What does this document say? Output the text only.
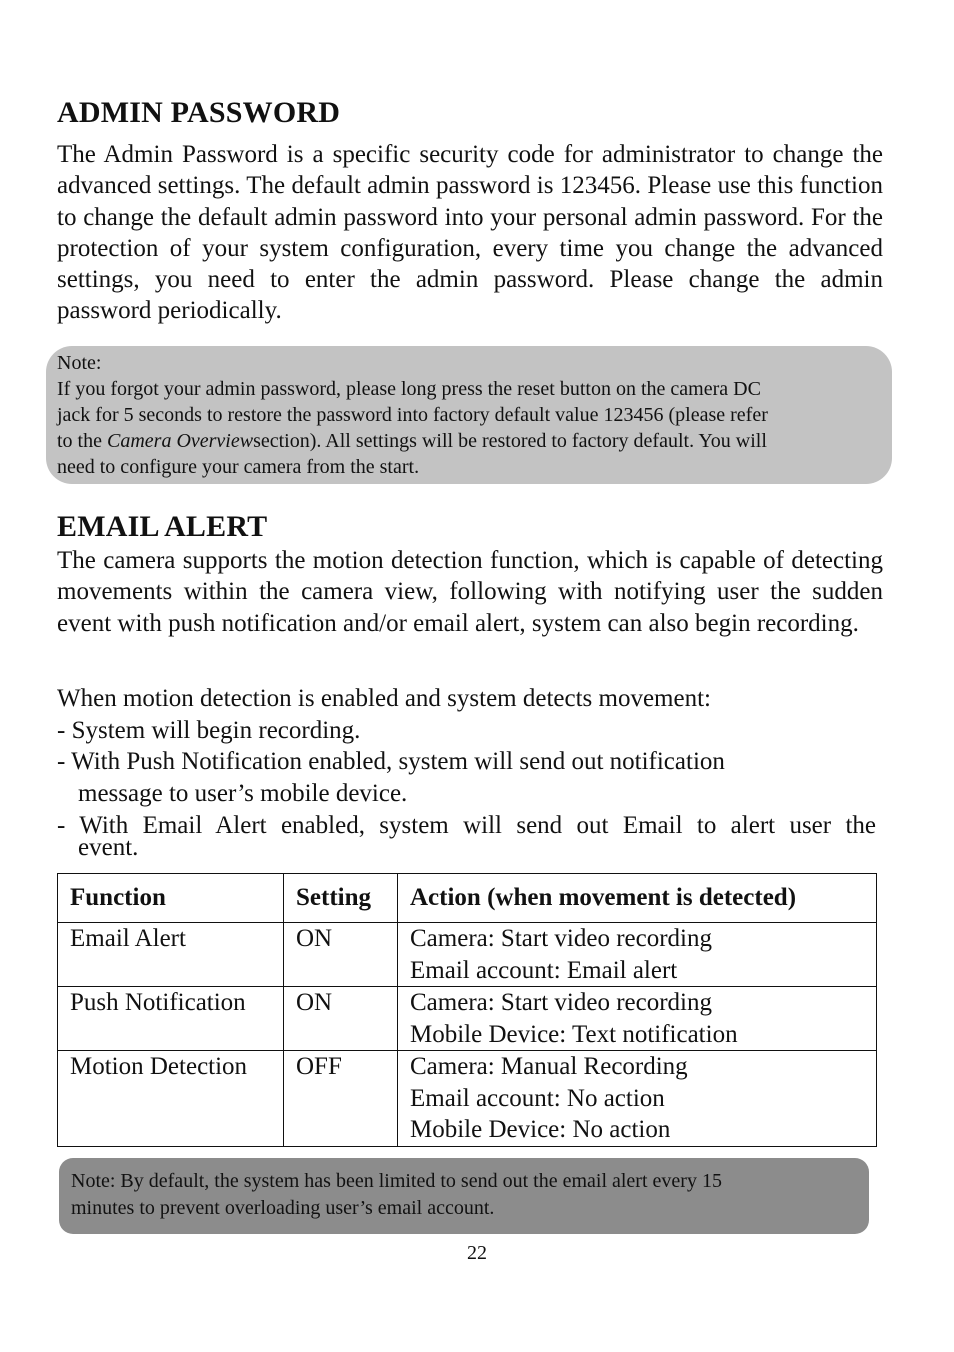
ADMIN PASSWORD

The Admin Password is a specific security code for administrator to change the advanced settings. The default admin password is 123456. Please use this function to change the default admin password into your personal admin password. For the protection of your system configuration, every time you change the advanced settings, you need to enter the admin password. Please change the admin password periodically.

Note:
If you forgot your admin password, please long press the reset button on the camera DC
jack for 5 seconds to restore the password into factory default value 123456 (please refer
to the Camera Overviewsection). All settings will be restored to factory default. You will
need to configure your camera from the start.
EMAIL ALERT

The camera supports the motion detection function, which is capable of detecting movements within the camera view, following with notifying user the sudden event with push notification and/or email alert, system can also begin recording.

When motion detection is enabled and system detects movement:

- System will begin recording.

- With Push Notification enabled, system will send out notification

message to user’s mobile device.

- With Email Alert enabled, system will send out Email to alert user the

event.

Function	Setting	Action (when movement is detected)
Email Alert	ON	Camera: Start video recording
Email account: Email alert

Push Notification	ON	Camera: Start video recording
Mobile Device: Text notification

Motion Detection	OFF	Camera: Manual Recording
Email account: No action
Mobile Device: No action
Note: By default, the system has been limited to send out the email alert every 15
minutes to prevent overloading user’s email account.
22
